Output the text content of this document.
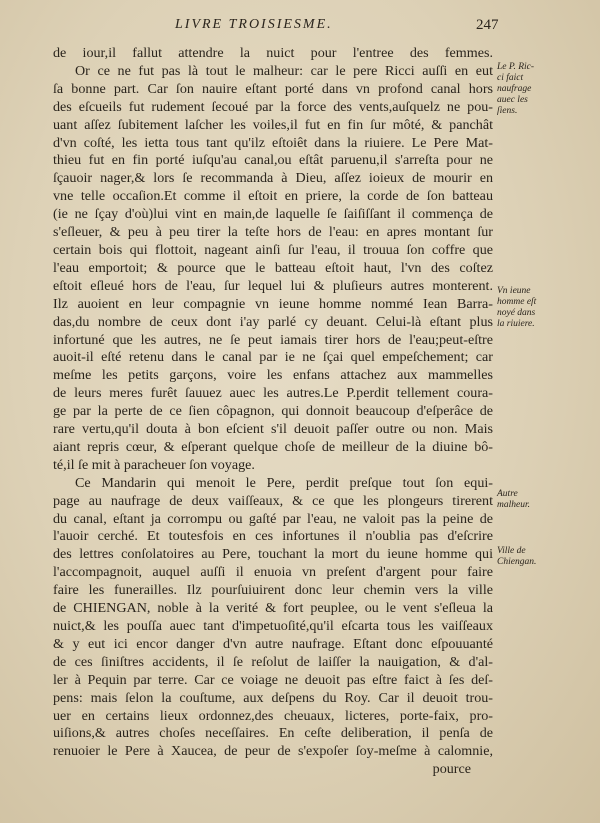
LIVRE TROISIESME.	247
de iour,il fallut attendre la nuict pour l'entree des femmes.
Or ce ne fut pas là tout le malheur: car le pere Ricci auſſi en eut
ſa bonne part. Car ſon nauire eſtant porté dans vn profond canal hors
des eſcueils fut rudement ſecoué par la force des vents,auſquelz ne pou-
uant aſſez ſubitement laſcher les voiles,il fut en fin ſur môté, & panchât
d'vn coſté, les ietta tous tant qu'ilz eſtoiêt dans la riuiere. Le Pere Mat-
thieu fut en fin porté iuſqu'au canal,ou eſtât paruenu,il s'arreſta pour ne
ſçauoir nager,& lors ſe recommanda à Dieu, aſſez ioieux de mourir en
vne telle occaſion.Et comme il eſtoit en priere, la corde de ſon batteau
(ie ne ſçay d'où)lui vint en main,de laquelle ſe ſaiſiſſant il commença de
s'eſleuer, & peu à peu tirer la teſte hors de l'eau: en apres montant ſur
certain bois qui flottoit, nageant ainſi ſur l'eau, il trouua ſon coffre que
l'eau emportoit; & pource que le batteau eſtoit haut, l'vn des coſtez
eſtoit eſleué hors de l'eau, ſur lequel lui & pluſieurs autres monterent.
Ilz auoient en leur compagnie vn ieune homme nommé Iean Barra-
das,du nombre de ceux dont i'ay parlé cy deuant. Celui-là eſtant plus
infortuné que les autres, ne ſe peut iamais tirer hors de l'eau;peut-eſtre
auoit-il eſté retenu dans le canal par ie ne ſçai quel empeſchement; car
meſme les petits garçons, voire les enfans attachez aux mammelles
de leurs meres furêt ſauuez auec les autres.Le P.perdit tellement coura-
ge par la perte de ce ſien côpagnon, qui donnoit beaucoup d'eſperâce de
rare vertu,qu'il douta à bon eſcient s'il deuoit paſſer outre ou non. Mais
aiant repris cœur, & eſperant quelque choſe de meilleur de la diuine bô-
té,il ſe mit à paracheuer ſon voyage.
Ce Mandarin qui menoit le Pere, perdit preſque tout ſon equi-
page au naufrage de deux vaiſſeaux, & ce que les plongeurs tirerent
du canal, eſtant ja corrompu ou gaſté par l'eau, ne valoit pas la peine de
l'auoir cerché. Et toutesfois en ces infortunes il n'oublia pas d'eſcrire
des lettres conſolatoires au Pere, touchant la mort du ieune homme qui
l'accompagnoit, auquel auſſi il enuoia vn preſent d'argent pour faire
faire les funerailles. Ilz pourſuiuirent donc leur chemin vers la ville
de CHIENGAN, noble à la verité & fort peuplee, ou le vent s'eſleua la
nuict,& les pouſſa auec tant d'impetuoſité,qu'il eſcarta tous les vaiſſeaux
& y eut ici encor danger d'vn autre naufrage. Eſtant donc eſpouuanté
de ces ſiniſtres accidents, il ſe reſolut de laiſſer la nauigation, & d'al-
ler à Pequin par terre. Car ce voiage ne deuoit pas eſtre faict à ſes deſ-
pens: mais ſelon la couſtume, aux deſpens du Roy. Car il deuoit trou-
uer en certains lieux ordonnez,des cheuaux, licteres, porte-faix, pro-
uiſions,& autres choſes neceſſaires. En ceſte deliberation, il penſa de
renuoier le Pere à Xaucea, de peur de s'expoſer ſoy-meſme à calomnie,
pource
Le P. Ric-
ci faict
naufrage
auec les
ſiens.
Vn ieune
homme eſt
noyé dans
la riuiere.
Autre
malheur.
Ville de
Chiengan.
